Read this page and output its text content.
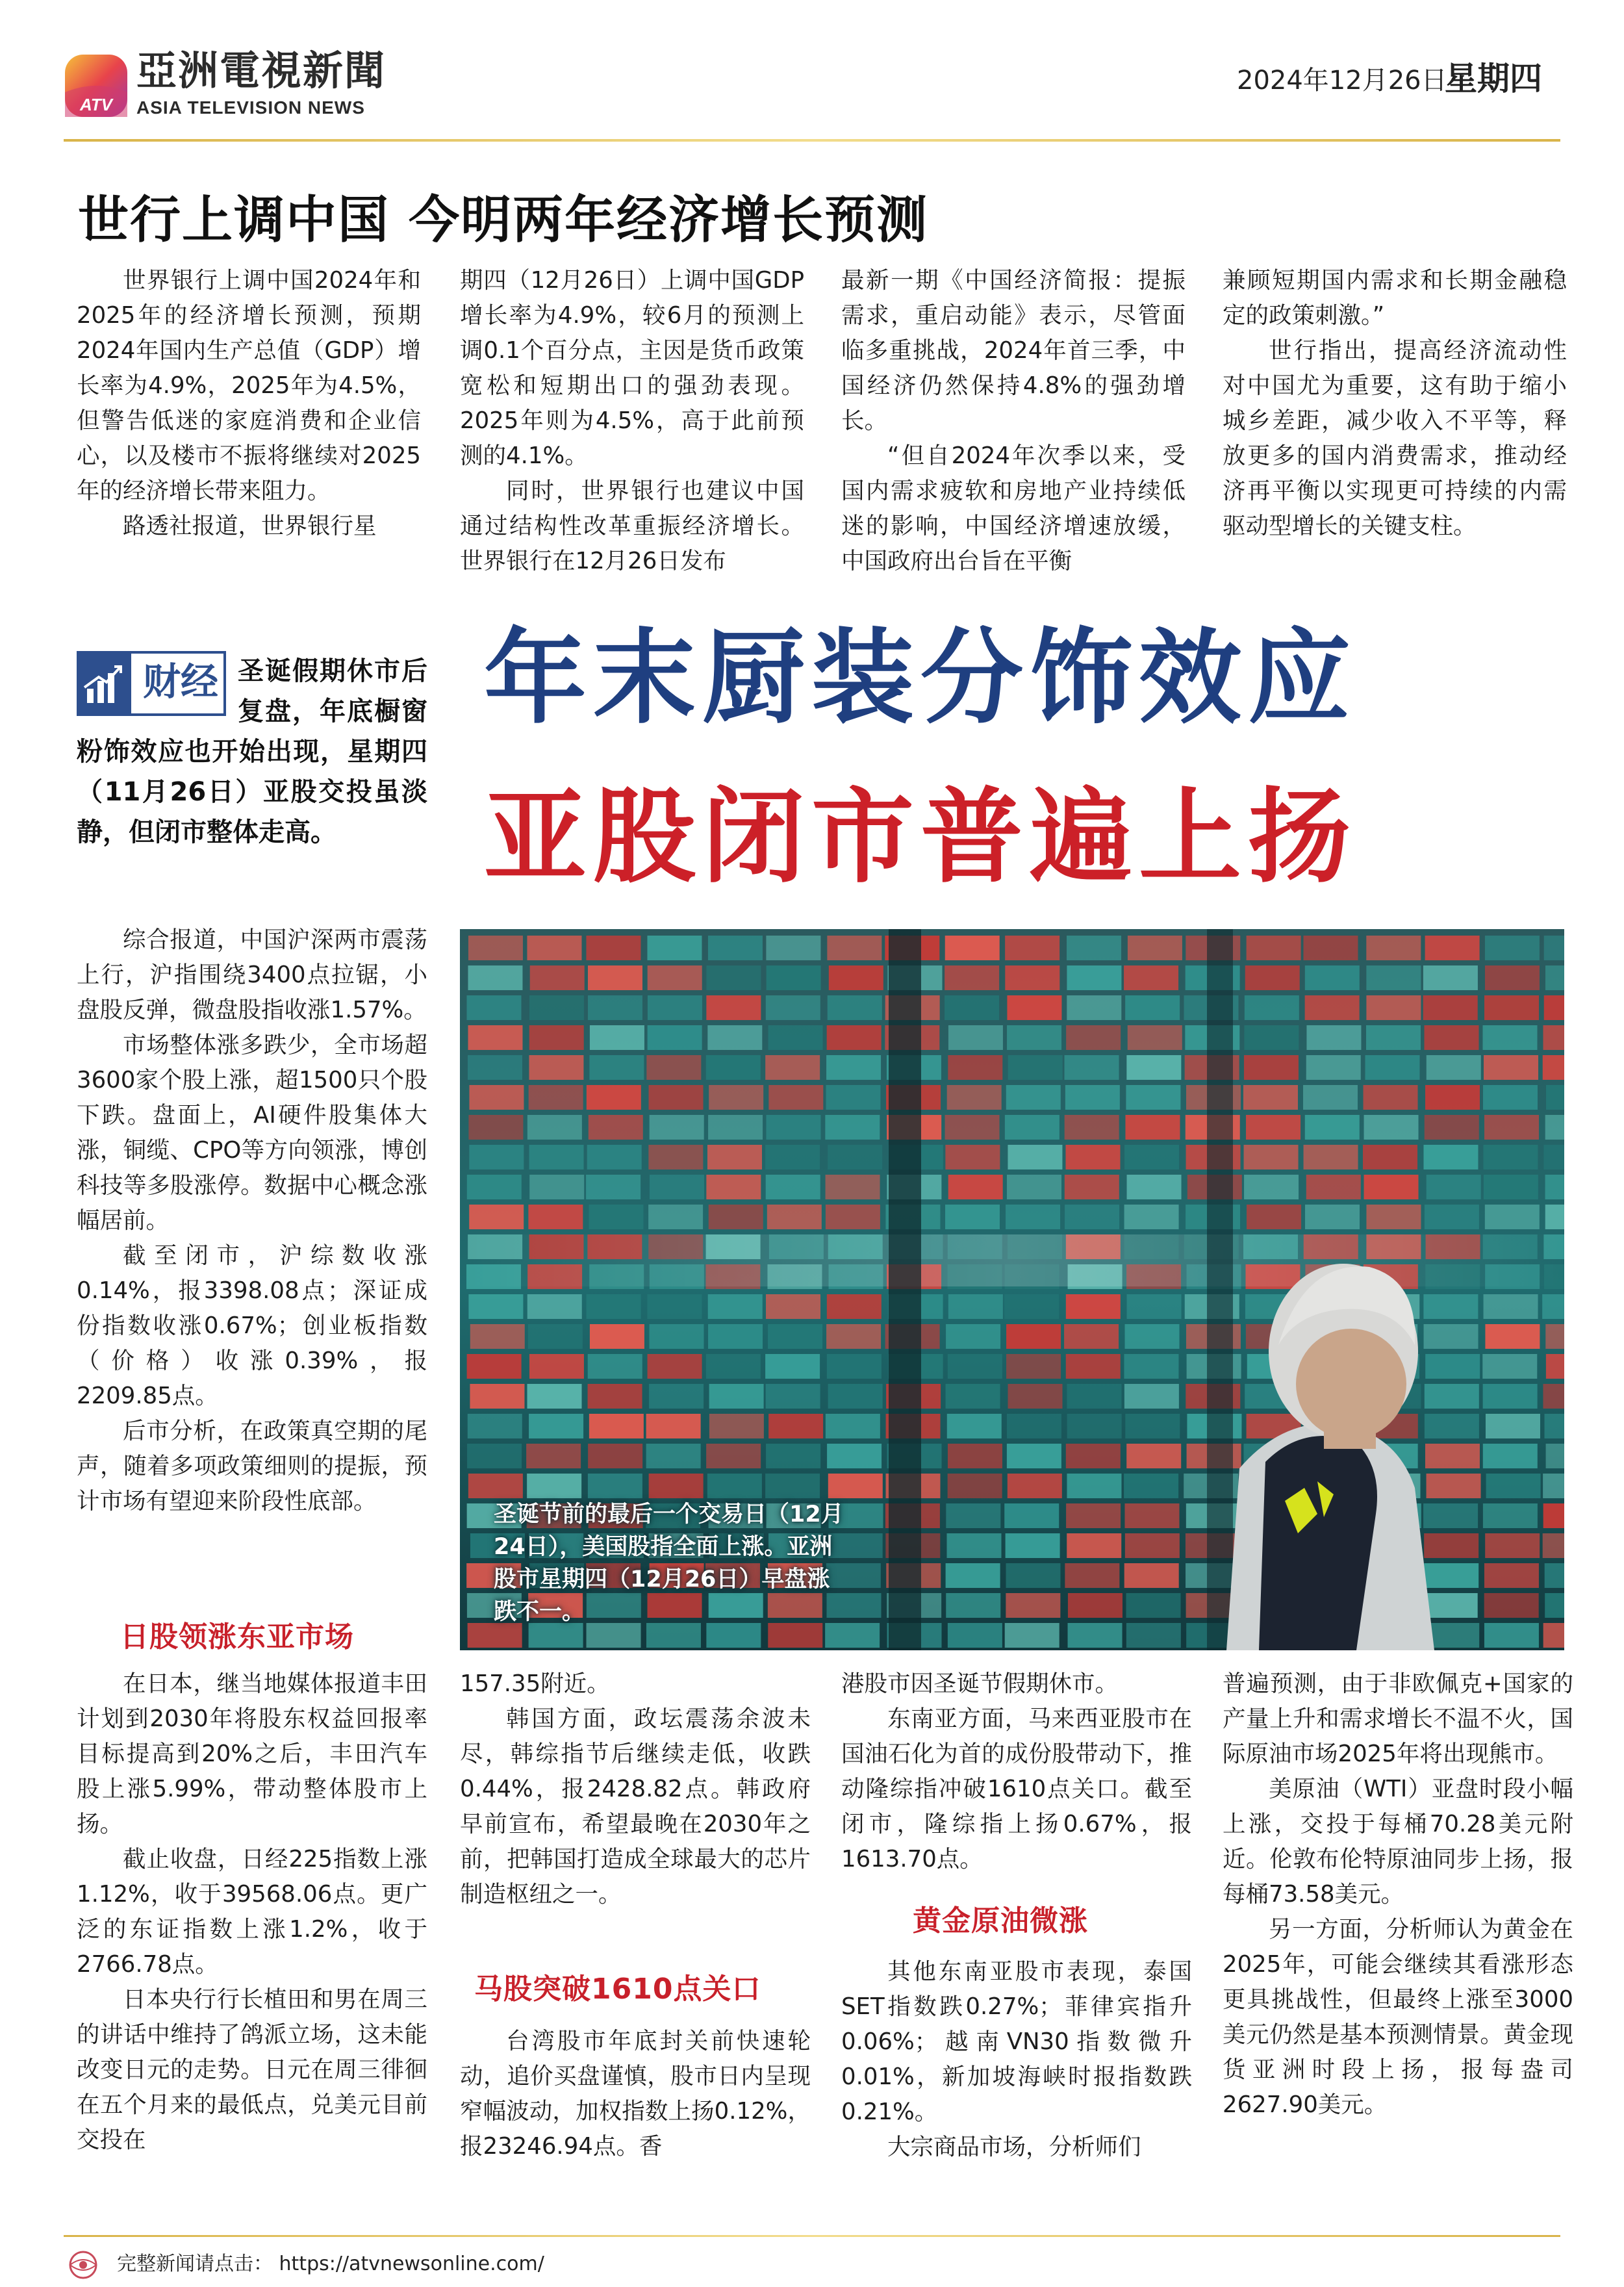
ATV
亞洲電視新聞
ASIA TELEVISION NEWS
2024年12月26日
星期四
世行上调中国 今明两年经济增长预测

世界银行上调中国2024年和2025年的经济增长预测，预期2024年国内生产总值（GDP）增长率为4.9%，2025年为4.5%，但警告低迷的家庭消费和企业信心，以及楼市不振将继续对2025年的经济增长带来阻力。

路透社报道，世界银行星

期四（12月26日）上调中国GDP增长率为4.9%，较6月的预测上调0.1个百分点，主因是货币政策宽松和短期出口的强劲表现。2025年则为4.5%，高于此前预测的4.1%。

同时，世界银行也建议中国通过结构性改革重振经济增长。世界银行在12月26日发布

最新一期《中国经济简报：提振需求，重启动能》表示，尽管面临多重挑战，2024年首三季，中国经济仍然保持4.8%的强劲增长。

“但自2024年次季以来，受国内需求疲软和房地产业持续低迷的影响，中国经济增速放缓，中国政府出台旨在平衡

兼顾短期国内需求和长期金融稳定的政策刺激。”

世行指出，提高经济流动性对中国尤为重要，这有助于缩小城乡差距，减少收入不平等，释放更多的国内消费需求，推动经济再平衡以实现更可持续的内需驱动型增长的关键支柱。

圣诞假期休市后复盘，年底橱窗粉饰效应也开始出现，星期四（11月26日）亚股交投虽淡静，但闭市整体走高。
财经	年末厨装分饰效应
亚股闭市普遍上扬
圣诞节前的最后一个交易日（12月24日），美国股指全面上涨。亚洲股市星期四（12月26日）早盘涨跌不一。

综合报道，中国沪深两市震荡上行，沪指围绕3400点拉锯，小盘股反弹，微盘股指收涨1.57%。

市场整体涨多跌少，全市场超3600家个股上涨，超1500只个股下跌。盘面上，AI硬件股集体大涨，铜缆、CPO等方向领涨，博创科技等多股涨停。数据中心概念涨幅居前。

截至闭市，沪综数收涨0.14%，报3398.08点；深证成份指数收涨0.67%；创业板指数（价格）收涨0.39%，报2209.85点。

后市分析，在政策真空期的尾声，随着多项政策细则的提振，预计市场有望迎来阶段性底部。

日股领涨东亚市场
马股突破1610点关口
黄金原油微涨

在日本，继当地媒体报道丰田计划到2030年将股东权益回报率目标提高到20%之后，丰田汽车股上涨5.99%，带动整体股市上扬。

截止收盘，日经225指数上涨1.12%，收于39568.06点。更广泛的东证指数上涨1.2%，收于2766.78点。

日本央行行长植田和男在周三的讲话中维持了鸽派立场，这未能改变日元的走势。日元在周三徘徊在五个月来的最低点，兑美元目前交投在

157.35附近。

韩国方面，政坛震荡余波未尽，韩综指节后继续走低，收跌0.44%，报2428.82点。韩政府早前宣布，希望最晚在2030年之前，把韩国打造成全球最大的芯片制造枢纽之一。

台湾股市年底封关前快速轮动，追价买盘谨慎，股市日内呈现窄幅波动，加权指数上扬0.12%，报23246.94点。香

港股市因圣诞节假期休市。

东南亚方面，马来西亚股市在国油石化为首的成份股带动下，推动隆综指冲破1610点关口。截至闭市，隆综指上扬0.67%，报1613.70点。

其他东南亚股市表现，泰国SET指数跌0.27%；菲律宾指升0.06%；越南VN30指数微升0.01%，新加坡海峡时报指数跌0.21%。

大宗商品市场，分析师们

普遍预测，由于非欧佩克+国家的产量上升和需求增长不温不火，国际原油市场2025年将出现熊市。

美原油（WTI）亚盘时段小幅上涨，交投于每桶70.28美元附近。伦敦布伦特原油同步上扬，报每桶73.58美元。

另一方面，分析师认为黄金在2025年，可能会继续其看涨形态更具挑战性，但最终上涨至3000美元仍然是基本预测情景。黄金现货亚洲时段上扬，报每盎司2627.90美元。

完整新闻请点击： https://atvnewsonline.com/
